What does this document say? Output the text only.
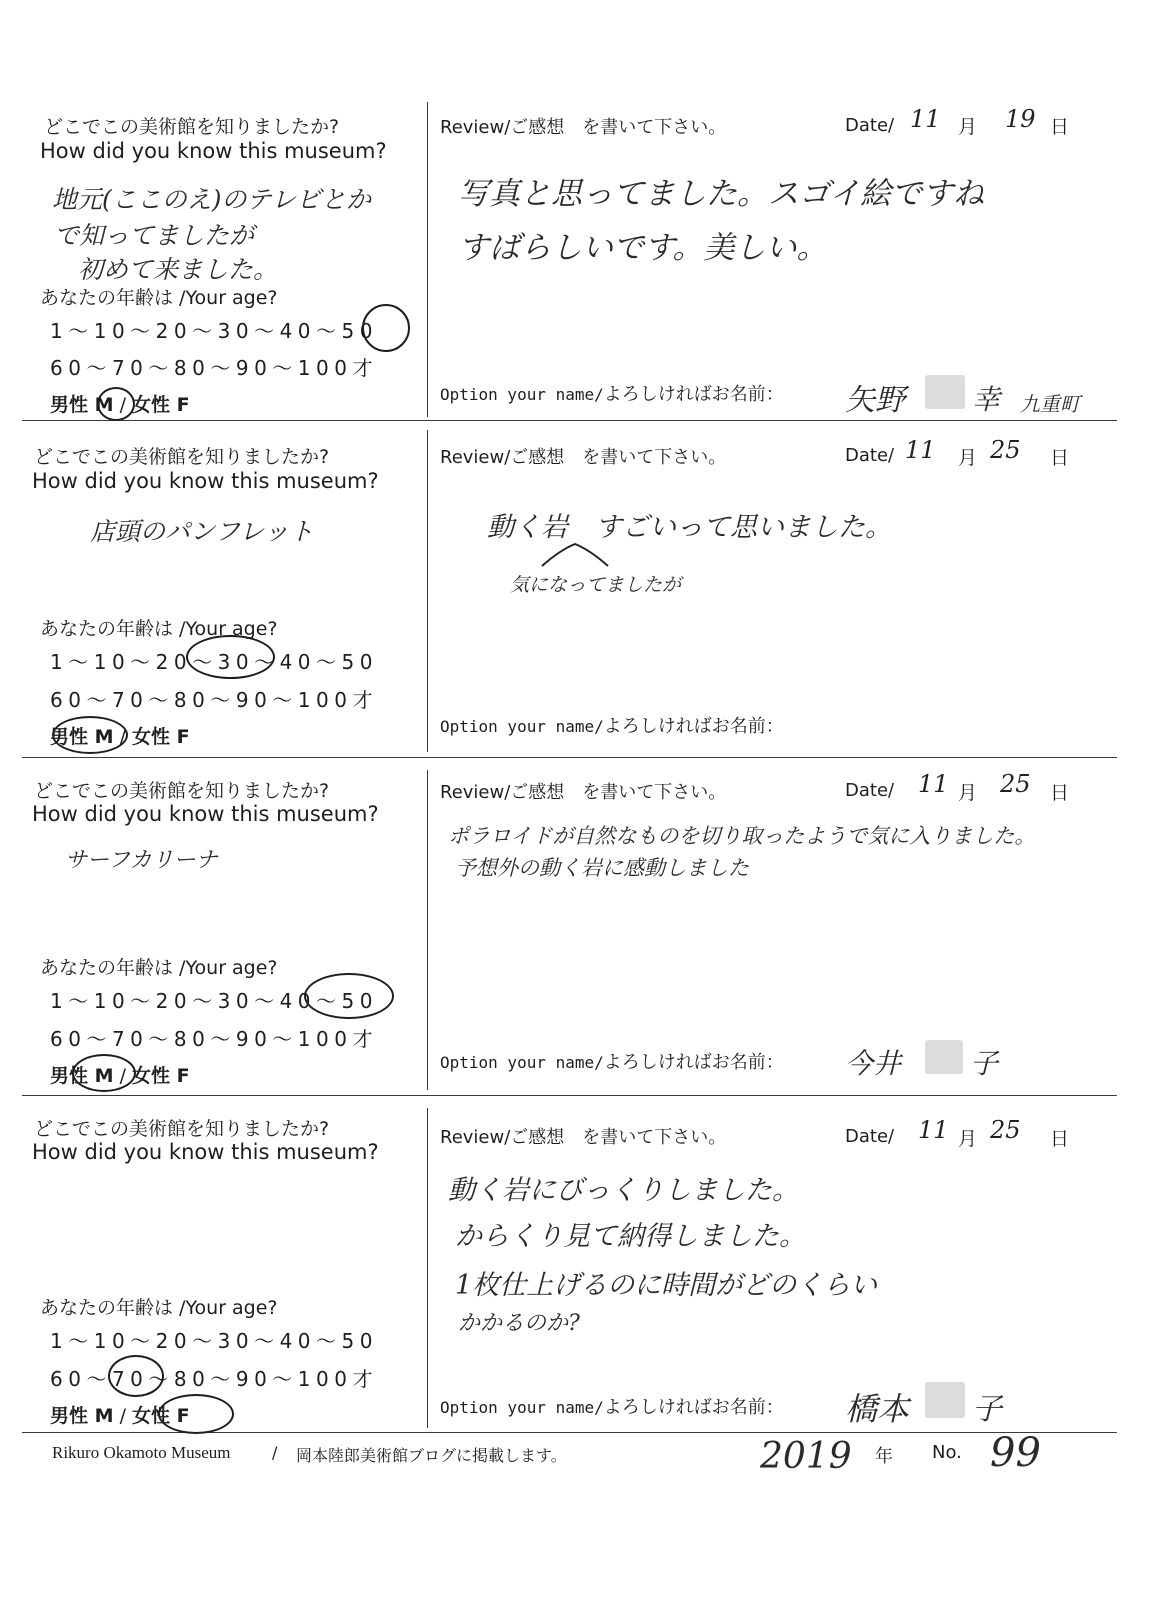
どこでこの美術館を知りましたか?
How did you know this museum?
地元(ここのえ)のテレビとか
で知ってましたが
初めて来ました。
あなたの年齢は /Your age?
1～10～20～30～40～50
60～70～80～90～100才
男性 M / 女性 F
Review/ご感想　を書いて下さい。	Date/ 11 月 19 日
写真と思ってました。スゴイ絵ですね
すばらしいです。美しい。
Option your name/よろしければお名前： 矢野 幸 九重町
どこでこの美術館を知りましたか?
How did you know this museum?
店頭のパンフレット
あなたの年齢は /Your age?
1～10～20～30～40～50
60～70～80～90～100才
男性 M / 女性 F
Review/ご感想　を書いて下さい。	Date/ 11 月 25 日
動く岩　すごいって思いました。
気になってましたが
Option your name/よろしければお名前：
どこでこの美術館を知りましたか?
How did you know this museum?
サーフカリーナ
あなたの年齢は /Your age?
1～10～20～30～40～50
60～70～80～90～100才
男性 M / 女性 F
Review/ご感想　を書いて下さい。	Date/ 11 月 25 日
ポラロイドが自然なものを切り取ったようで気に入りました。
予想外の動く岩に感動しました
Option your name/よろしければお名前： 今井 子
どこでこの美術館を知りましたか?
How did you know this museum?
あなたの年齢は /Your age?
1～10～20～30～40～50
60～70～80～90～100才
男性 M / 女性 F
Review/ご感想　を書いて下さい。	Date/ 11 月 25 日
動く岩にびっくりしました。
からくり見て納得しました。
1枚仕上げるのに時間がどのくらい
かかるのか?
Option your name/よろしければお名前： 橋本 子
Rikuro Okamoto Museum	/ 岡本陸郎美術館ブログに掲載します。	2019 年 No. 99
